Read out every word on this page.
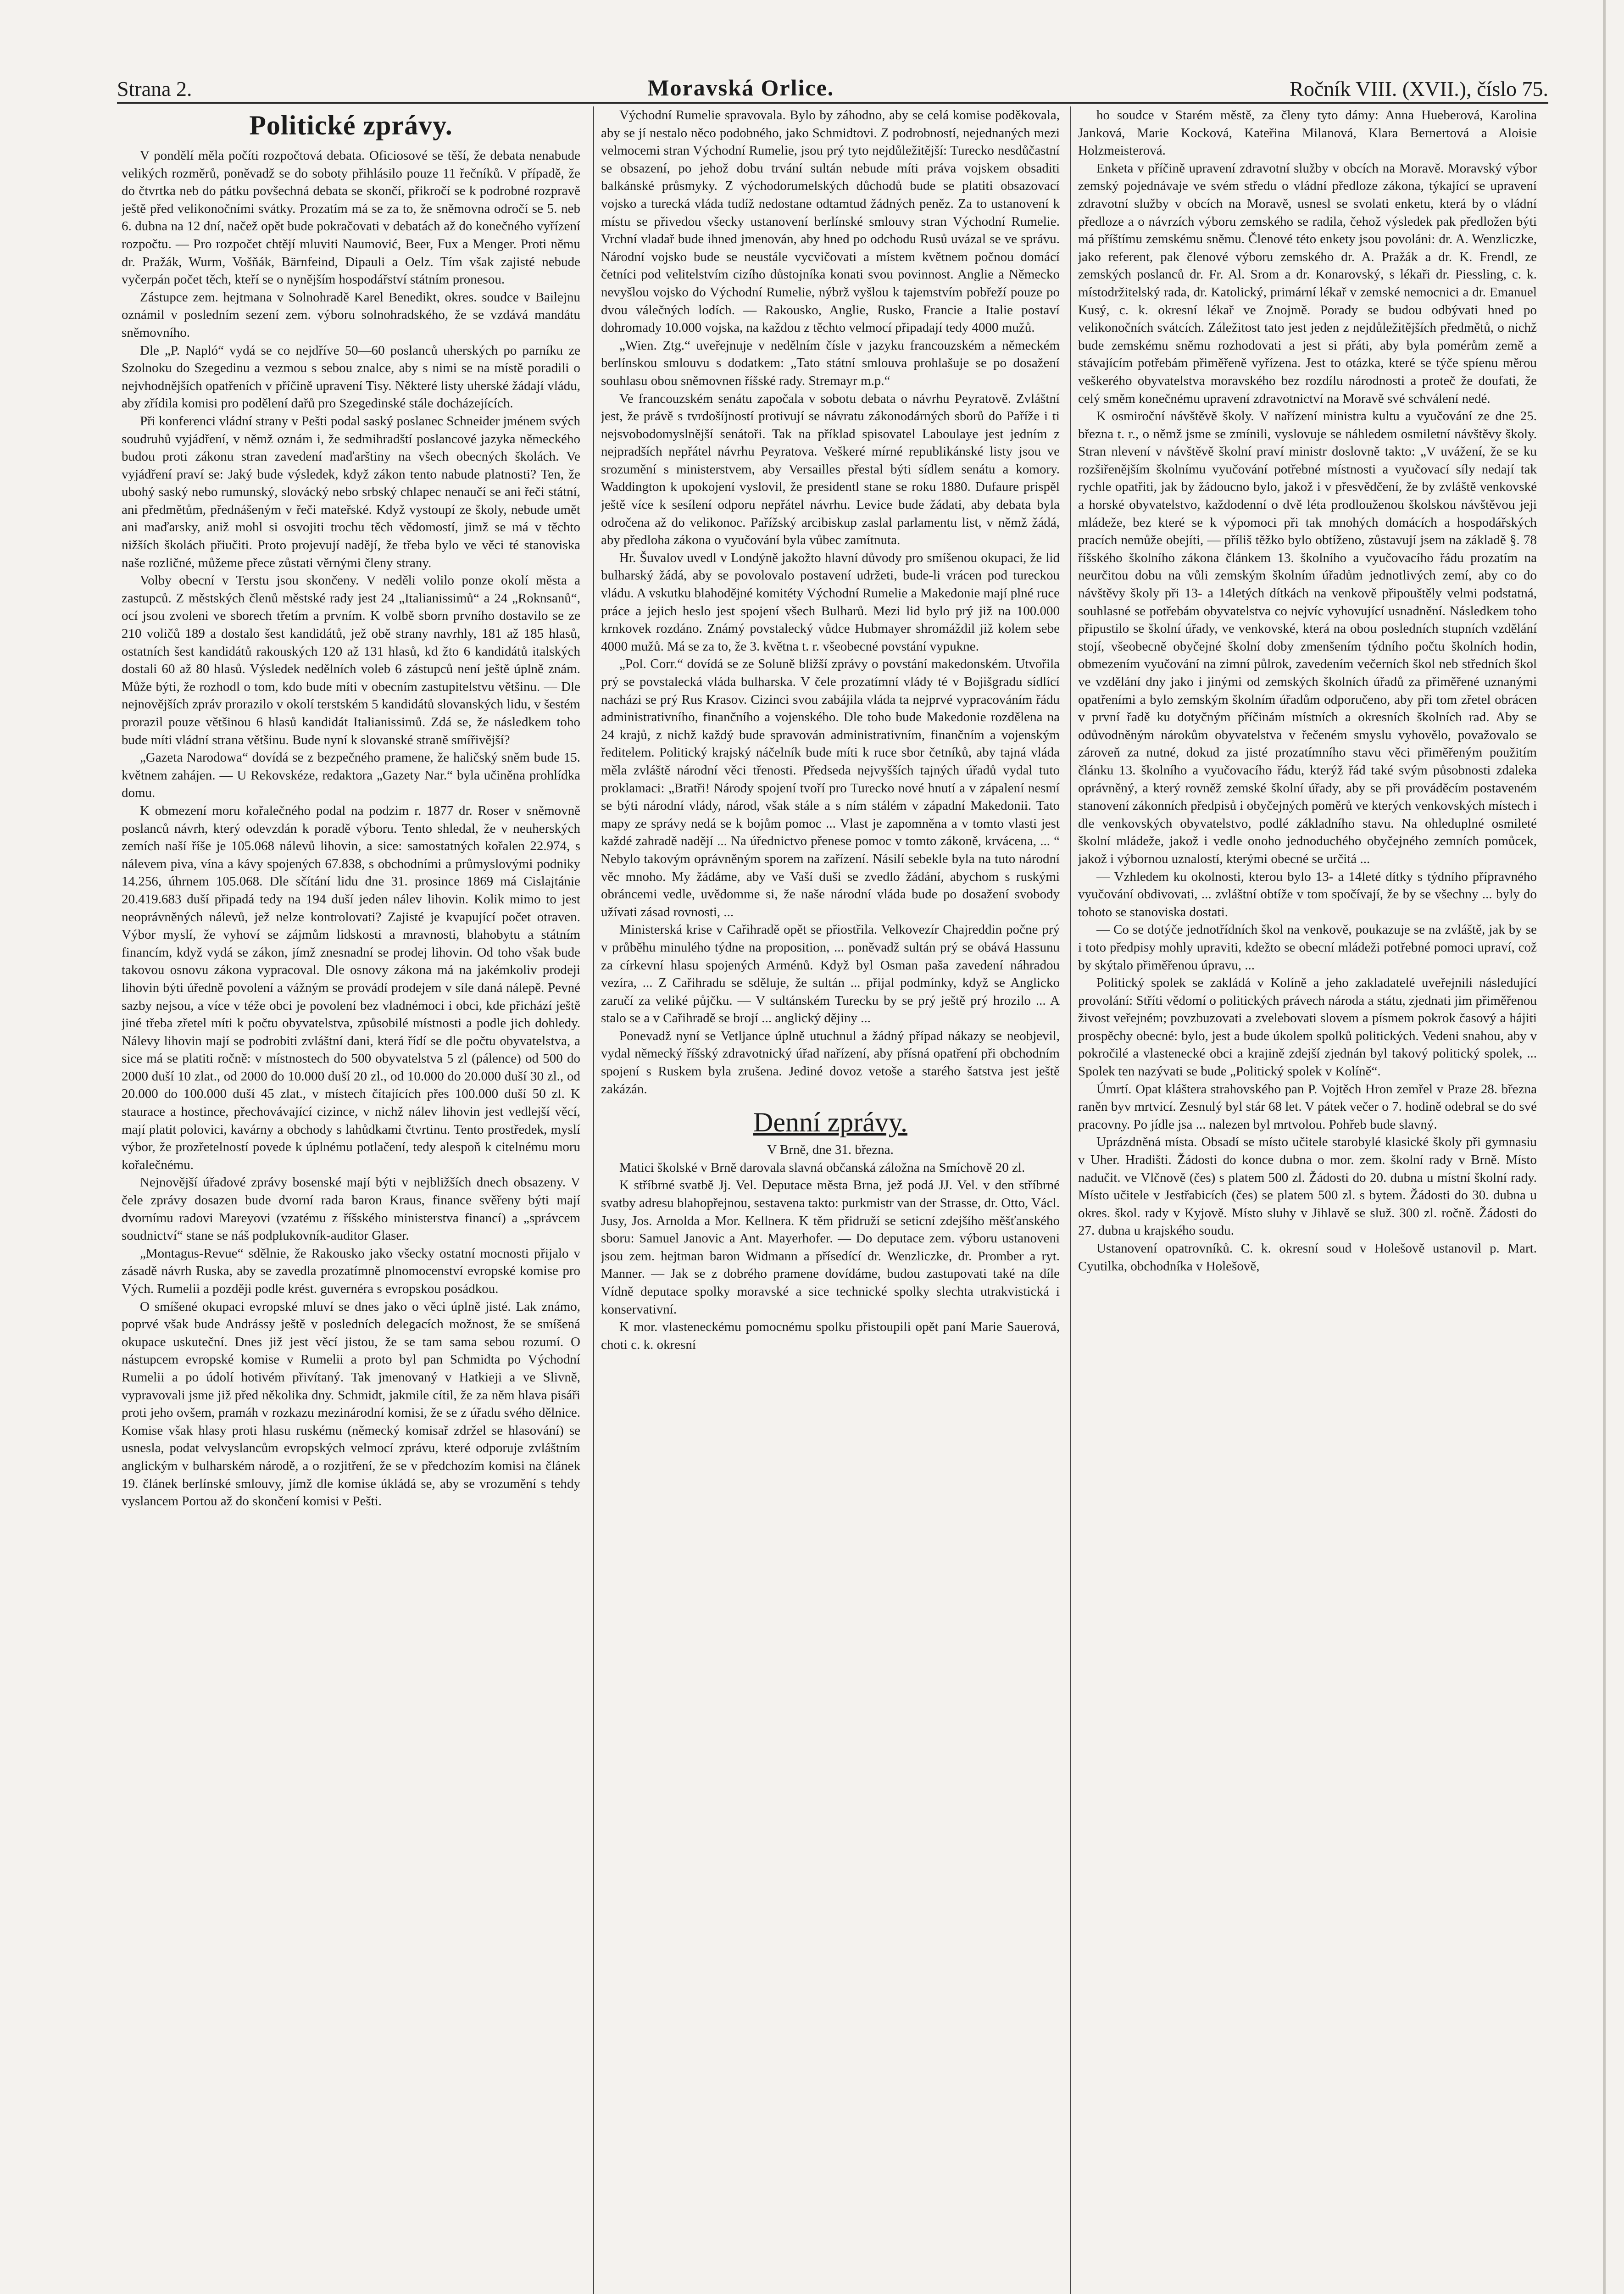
Strana 2.	Moravská Orlice.	Ročník VIII. (XVII.), číslo 75.
Politické zprávy.

V pondělí měla počíti rozpočtová debata. Oficiosové se těší, že debata nenabude velikých rozměrů, poněvadž se do soboty přihlásilo pouze 11 řečníků. V případě, že do čtvrtka neb do pátku povšechná debata se skončí, přikročí se k podrobné rozpravě ještě před velikonočními svátky. Prozatím má se za to, že sněmovna odročí se 5. neb 6. dubna na 12 dní, načež opět bude pokračovati v debatách až do konečného vyřízení rozpočtu. — Pro rozpočet chtějí mluviti Naumović, Beer, Fux a Menger. Proti němu dr. Pražák, Wurm, Vošňák, Bärnfeind, Dipauli a Oelz. Tím však zajisté nebude vyčerpán počet těch, kteří se o nynějším hospodářství státním pronesou.

Zástupce zem. hejtmana v Solnohradě Karel Benedikt, okres. soudce v Bailejnu oznámil v posledním sezení zem. výboru solnohradského, že se vzdává mandátu sněmovního.

Dle „P. Napló“ vydá se co nejdříve 50—60 poslanců uherských po parníku ze Szolnoku do Szegedinu a vezmou s sebou znalce, aby s nimi se na místě poradili o nejvhodnějších opatřeních v příčině upravení Tisy. Některé listy uherské žádají vládu, aby zřídila komisi pro podělení dařů pro Szegedinské stále docházejících.

Při konferenci vládní strany v Pešti podal saský poslanec Schneider jménem svých soudruhů vyjádření, v němž oznám i, že sedmihradští poslancové jazyka německého budou proti zákonu stran zavedení maďarštiny na všech obecných školách. Ve vyjádření praví se: Jaký bude výsledek, když zákon tento nabude platnosti? Ten, že ubohý saský nebo rumunský, slovácký nebo srbský chlapec nenaučí se ani řeči státní, ani předmětům, přednášeným v řeči mateřské. Když vystoupí ze školy, nebude umět ani maďarsky, aniž mohl si osvojiti trochu těch vědomostí, jimž se má v těchto nižších školách přiučiti. Proto projevují nadějí, že třeba bylo ve věci té stanoviska naše rozličné, můžeme přece zůstati věrnými členy strany.

Volby obecní v Terstu jsou skončeny. V neděli volilo ponze okolí města a zastupců. Z městských členů městské rady jest 24 „Italianissimů“ a 24 „Roknsanů“, ocí jsou zvoleni ve sborech třetím a prvním. K volbě sborn prvního dostavilo se ze 210 voličů 189 a dostalo šest kandidátů, jež obě strany navrhly, 181 až 185 hlasů, ostatních šest kandidátů rakouských 120 až 131 hlasů, kd žto 6 kandidátů italských dostali 60 až 80 hlasů. Výsledek nedělních voleb 6 zástupců není ještě úplně znám. Může býti, že rozhodl o tom, kdo bude míti v obecním zastupitelstvu většinu. — Dle nejnovějších zpráv prorazilo v okolí terstském 5 kandidátů slovanských lidu, v šestém prorazil pouze většinou 6 hlasů kandidát Italianissimů. Zdá se, že následkem toho bude míti vládní strana většinu. Bude nyní k slovanské straně smířivější?

„Gazeta Narodowa“ dovídá se z bezpečného pramene, že haličský sněm bude 15. květnem zahájen. — U Rekovskéze, redaktora „Gazety Nar.“ byla učiněna prohlídka domu.

K obmezení moru kořalečného podal na podzim r. 1877 dr. Roser v sněmovně poslanců návrh, který odevzdán k poradě výboru. Tento shledal, že v neuherských zemích naší říše je 105.068 nálevů lihovin, a sice: samostatných kořalen 22.974, s nálevem piva, vína a kávy spojených 67.838, s obchodními a průmyslovými podniky 14.256, úhrnem 105.068. Dle sčítání lidu dne 31. prosince 1869 má Cislajtánie 20.419.683 duší připadá tedy na 194 duší jeden nálev lihovin. Kolik mimo to jest neoprávněných nálevů, jež nelze kontrolovati? Zajisté je kvapující počet otraven. Výbor myslí, že vyhoví se zájmům lidskosti a mravnosti, blahobytu a státním financím, když vydá se zákon, jímž znesnadní se prodej lihovin. Od toho však bude takovou osnovu zákona vypracoval. Dle osnovy zákona má na jakémkoliv prodeji lihovin býti úředně povolení a vážným se provádí prodejem v síle daná nálepě. Pevné sazby nejsou, a více v téže obci je povolení bez vladnémoci i obci, kde přichází ještě jiné třeba zřetel míti k počtu obyvatelstva, způsobilé místnosti a podle jich dohledy. Nálevy lihovin mají se podrobiti zvláštní dani, která řídí se dle počtu obyvatelstva, a sice má se platiti ročně: v místnostech do 500 obyvatelstva 5 zl (pálence) od 500 do 2000 duší 10 zlat., od 2000 do 10.000 duší 20 zl., od 10.000 do 20.000 duší 30 zl., od 20.000 do 100.000 duší 45 zlat., v místech čítajících přes 100.000 duší 50 zl. K staurace a hostince, přechovávající cizince, v nichž nálev lihovin jest vedlejší věcí, mají platit polovici, kavárny a obchody s lahůdkami čtvrtinu. Tento prostředek, myslí výbor, že prozřetelností povede k úplnému potlačení, tedy alespoň k citelnému moru kořalečnému.

Nejnovější úřadové zprávy bosenské mají býti v nejbližších dnech obsazeny. V čele zprávy dosazen bude dvorní rada baron Kraus, finance svěřeny býti mají dvornímu radovi Mareyovi (vzatému z říšského ministerstva financí) a „správcem soudnictví“ stane se náš podplukovník-auditor Glaser.

„Montagus-Revue“ sdělnie, že Rakousko jako všecky ostatní mocnosti přijalo v zásadě návrh Ruska, aby se zavedla prozatímně plnomocenství evropské komise pro Vých. Rumelii a později podle krést. guvernéra s evropskou posádkou.

O smíšené okupaci evropské mluví se dnes jako o věci úplně jisté. Lak známo, poprvé však bude Andrássy ještě v posledních delegacích možnost, že se smíšená okupace uskuteční. Dnes již jest věcí jistou, že se tam sama sebou rozumí. O nástupcem evropské komise v Rumelii a proto byl pan Schmidta po Východní Rumelii a po údolí hotivém přivítaný. Tak jmenovaný v Hatkieji a ve Slivně, vypravovali jsme již před několika dny. Schmidt, jakmile cítil, že za něm hlava pisáři proti jeho ovšem, pramáh v rozkazu mezinárodní komisi, že se z úřadu svého dělnice. Komise však hlasy proti hlasu ruskému (německý komisař zdržel se hlasování) se usnesla, podat velvyslancům evropských velmocí zprávu, které odporuje zvláštním anglickým v bulharském národě, a o rozjitření, že se v předchozím komisi na článek 19. článek berlínské smlouvy, jímž dle komise úkládá se, aby se vrozumění s tehdy vyslancem Portou až do skončení komisi v Pešti.

Východní Rumelie spravovala. Bylo by záhodno, aby se celá komise poděkovala, aby se jí nestalo něco podobného, jako Schmidtovi. Z podrobností, nejednaných mezi velmocemi stran Východní Rumelie, jsou prý tyto nejdůležitější: Turecko nesdůčastní se obsazení, po jehož dobu trvání sultán nebude míti práva vojskem obsaditi balkánské průsmyky. Z východorumelských důchodů bude se platiti obsazovací vojsko a turecká vláda tudíž nedostane odtamtud žádných peněz. Za to ustanovení k místu se přivedou všecky ustanovení berlínské smlouvy stran Východní Rumelie. Vrchní vladař bude ihned jmenován, aby hned po odchodu Rusů uvázal se ve správu. Národní vojsko bude se neustále vycvičovati a místem květnem počnou domácí četníci pod velitelstvím cizího důstojníka konati svou povinnost. Anglie a Německo nevyšlou vojsko do Východní Rumelie, nýbrž vyšlou k tajemstvím pobřeží pouze po dvou válečných lodích. — Rakousko, Anglie, Rusko, Francie a Italie postaví dohromady 10.000 vojska, na každou z těchto velmocí připadají tedy 4000 mužů.

„Wien. Ztg.“ uveřejnuje v nedělním čísle v jazyku francouzském a německém berlínskou smlouvu s dodatkem: „Tato státní smlouva prohlašuje se po dosažení souhlasu obou sněmovnen říšské rady. Stremayr m.p.“

Ve francouzském senátu započala v sobotu debata o návrhu Peyratově. Zvláštní jest, že právě s tvrdošíjností protivují se návratu zákonodárných sborů do Paříže i ti nejsvobodomyslnější senátoři. Tak na příklad spisovatel Laboulaye jest jedním z nejpradších nepřátel návrhu Peyratova. Veškeré mírné republikánské listy jsou ve srozumění s ministerstvem, aby Versailles přestal býti sídlem senátu a komory. Waddington k upokojení vyslovil, že presidentl stane se roku 1880. Dufaure prispěl ještě více k sesílení odporu nepřátel návrhu. Levice bude žádati, aby debata byla odročena až do velikonoc. Pařížský arcibiskup zaslal parlamentu list, v němž žádá, aby předloha zákona o vyučování byla vůbec zamítnuta.

Hr. Šuvalov uvedl v Londýně jakožto hlavní důvody pro smíšenou okupaci, že lid bulharský žádá, aby se povolovalo postavení udržeti, bude-li vrácen pod tureckou vládu. A vskutku blahodějné komitéty Východní Rumelie a Makedonie mají plné ruce práce a jejich heslo jest spojení všech Bulharů. Mezi lid bylo prý již na 100.000 krnkovek rozdáno. Známý povstalecký vůdce Hubmayer shromáždil již kolem sebe 4000 mužů. Má se za to, že 3. května t. r. všeobecné povstání vypukne.

„Pol. Corr.“ dovídá se ze Soluně bližší zprávy o povstání makedonském. Utvořila prý se povstalecká vláda bulharska. V čele prozatímní vlády té v Bojišgradu sídlící nacházi se prý Rus Krasov. Cizinci svou zabájila vláda ta nejprvé vypracováním řádu administrativního, finančního a vojenského. Dle toho bude Makedonie rozdělena na 24 krajů, z nichž každý bude spravován administrativním, finančním a vojenským ředitelem. Politický krajský náčelník bude míti k ruce sbor četníků, aby tajná vláda měla zvláště národní věci třenosti. Předseda nejvyšších tajných úřadů vydal tuto proklamaci: „Bratři! Národy spojení tvoří pro Turecko nové hnutí a v zápalení nesmí se býti národní vlády, národ, však stále a s ním stálém v západní Makedonii. Tato mapy ze správy nedá se k bojům pomoc ... Vlast je zapomněna a v tomto vlasti jest každé zahradě nadějí ... Na úřednictvo přenese pomoc v tomto zákoně, krvácena, ... “ Nebylo takovým oprávněným sporem na zařízení. Násilí sebekle byla na tuto národní věc mnoho. My žádáme, aby ve Vaší duši se zvedlo žádání, abychom s ruskými obráncemi vedle, uvědomme si, že naše národní vláda bude po dosažení svobody užívati zásad rovnosti, ...

Ministerská krise v Cařihradě opět se přiostřila. Velkovezír Chajreddin počne prý v průběhu minulého týdne na proposition, ... poněvadž sultán prý se obává Hassunu za církevní hlasu spojených Arménů. Když byl Osman paša zavedení náhradou vezíra, ... Z Cařihradu se sděluje, že sultán ... přijal podmínky, když se Anglicko zaručí za veliké půjčku. — V sultánském Turecku by se prý ještě prý hrozilo ... A stalo se a v Cařihradě se brojí ... anglický dějiny ...

Ponevadž nyní se Vetljance úplně utuchnul a žádný případ nákazy se neobjevil, vydal německý říšský zdravotnický úřad nařízení, aby přísná opatření při obchodním spojení s Ruskem byla zrušena. Jediné dovoz vetoše a starého šatstva jest ještě zakázán.

Denní zprávy.

V Brně, dne 31. března.

Matici školské v Brně darovala slavná občanská záložna na Smíchově 20 zl.

K stříbrné svatbě Jj. Vel. Deputace města Brna, jež podá JJ. Vel. v den stříbrné svatby adresu blahopřejnou, sestavena takto: purkmistr van der Strasse, dr. Otto, Václ. Jusy, Jos. Arnolda a Mor. Kellnera. K těm přidruží se seticní zdejšího měšťanského sboru: Samuel Janovic a Ant. Mayerhofer. — Do deputace zem. výboru ustanoveni jsou zem. hejtman baron Widmann a přísedící dr. Wenzliczke, dr. Promber a ryt. Manner. — Jak se z dobrého pramene dovídáme, budou zastupovati také na díle Vídně deputace spolky moravské a sice technické spolky slechta utrakvistická i konservativní.

K mor. vlasteneckému pomocnému spolku přistoupili opět paní Marie Sauerová, choti c. k. okresní

ho soudce v Starém městě, za členy tyto dámy: Anna Hueberová, Karolina Janková, Marie Kocková, Kateřina Milanová, Klara Bernertová a Aloisie Holzmeisterová.

Enketa v příčině upravení zdravotní služby v obcích na Moravě. Moravský výbor zemský pojednávaje ve svém středu o vládní předloze zákona, týkající se upravení zdravotní služby v obcích na Moravě, usnesl se svolati enketu, která by o vládní předloze a o návrzích výboru zemského se radila, čehož výsledek pak předložen býti má příštímu zemskému sněmu. Členové této enkety jsou povoláni: dr. A. Wenzliczke, jako referent, pak členové výboru zemského dr. A. Pražák a dr. K. Frendl, ze zemských poslanců dr. Fr. Al. Srom a dr. Konarovský, s lékaři dr. Piessling, c. k. místodržitelský rada, dr. Katolický, primární lékař v zemské nemocnici a dr. Emanuel Kusý, c. k. okresní lékař ve Znojmě. Porady se budou odbývati hned po velikonočních svátcích. Záležitost tato jest jeden z nejdůležitějších předmětů, o nichž bude zemskému sněmu rozhodovati a jest si přáti, aby byla pomérům země a stávajícím potřebám přiměřeně vyřízena. Jest to otázka, které se týče spíenu měrou veškerého obyvatelstva moravského bez rozdílu národnosti a proteč že doufati, že celý směm konečnému upravení zdravotnictví na Moravě své schválení nedé.

K osmiroční návštěvě školy. V nařízení ministra kultu a vyučování ze dne 25. března t. r., o němž jsme se zmínili, vyslovuje se náhledem osmiletní návštěvy školy. Stran nlevení v návštěvě školní praví ministr doslovně takto: „V uvážení, že se ku rozšiřenějším školnímu vyučování potřebné místnosti a vyučovací síly nedají tak rychle opatřiti, jak by žádoucno bylo, jakož i v přesvědčení, že by zvláště venkovské a horské obyvatelstvo, každodenní o dvě léta prodlouženou školskou návštěvou jeji mládeže, bez které se k výpomoci při tak mnohých domácích a hospodářských pracích nemůže obejíti, — příliš těžko bylo obtíženo, zůstavují jsem na základě §. 78 říšského školního zákona článkem 13. školního a vyučovacího řádu prozatím na neurčitou dobu na vůli zemským školním úřadům jednotlivých zemí, aby co do návštěvy školy při 13- a 14letých dítkách na venkově připouštěly velmi podstatná, souhlasné se potřebám obyvatelstva co nejvíc vyhovující usnadnění. Následkem toho připustilo se školní úřady, ve venkovské, která na obou posledních stupních vzdělání stojí, všeobecně obyčejné školní doby zmenšením týdního počtu školních hodin, obmezením vyučování na zimní půlrok, zavedením večerních škol neb středních škol ve vzdělání dny jako i jinými od zemských školních úřadů za přiměřené uznanými opatřeními a bylo zemským školním úřadům odporučeno, aby při tom zřetel obrácen v první řadě ku dotyčným příčinám místních a okresních školních rad. Aby se odůvodněným nárokům obyvatelstva v řečeném smyslu vyhovělo, považovalo se zároveň za nutné, dokud za jisté prozatímního stavu věci přiměřeným použitím článku 13. školního a vyučovacího řádu, kterýž řád také svým působnosti zdaleka oprávněný, a který rovněž zemské školní úřady, aby se při prováděcím postaveném stanovení zákonních předpisů i obyčejných poměrů ve kterých venkovských místech i dle venkovských obyvatelstvo, podlé základního stavu. Na ohleduplné osmileté školní mládeže, jakož i vedle onoho jednoduchého obyčejného zemních pomůcek, jakož i výbornou uznalostí, kterými obecné se určitá ...

— Vzhledem ku okolnosti, kterou bylo 13- a 14leté dítky s týdního přípravného vyučování obdivovati, ... zvláštní obtíže v tom spočívají, že by se všechny ... byly do tohoto se stanoviska dostati.

— Co se dotýče jednotřídních škol na venkově, poukazuje se na zvláště, jak by se i toto předpisy mohly upraviti, kdežto se obecní mládeži potřebné pomoci upraví, což by skýtalo přiměřenou úpravu, ...

Politický spolek se zakládá v Kolíně a jeho zakladatelé uveřejnili následující provolání: Stříti vědomí o politických právech národa a státu, zjednati jim přiměřenou živost veřejném; povzbuzovati a zvelebovati slovem a písmem pokrok časový a hájiti prospěchy obecné: bylo, jest a bude úkolem spolků politických. Vedeni snahou, aby v pokročilé a vlastenecké obci a krajině zdejší zjednán byl takový politický spolek, ... Spolek ten nazývati se bude „Politický spolek v Kolíně“.

Úmrtí. Opat kláštera strahovského pan P. Vojtěch Hron zemřel v Praze 28. března raněn byv mrtvicí. Zesnulý byl stár 68 let. V pátek večer o 7. hodině odebral se do své pracovny. Po jídle jsa ... nalezen byl mrtvolou. Pohřeb bude slavný.

Uprázdněná místa. Obsadí se místo učitele starobylé klasické školy při gymnasiu v Uher. Hradišti. Žádosti do konce dubna o mor. zem. školní rady v Brně. Místo nadučit. ve Vlčnově (čes) s platem 500 zl. Žádosti do 20. dubna u místní školní rady. Místo učitele v Jestřabicích (čes) se platem 500 zl. s bytem. Žádosti do 30. dubna u okres. škol. rady v Kyjově. Místo sluhy v Jihlavě se služ. 300 zl. ročně. Žádosti do 27. dubna u krajského soudu.

Ustanovení opatrovníků. C. k. okresní soud v Holešově ustanovil p. Mart. Cyutilka, obchodníka v Holešově,
